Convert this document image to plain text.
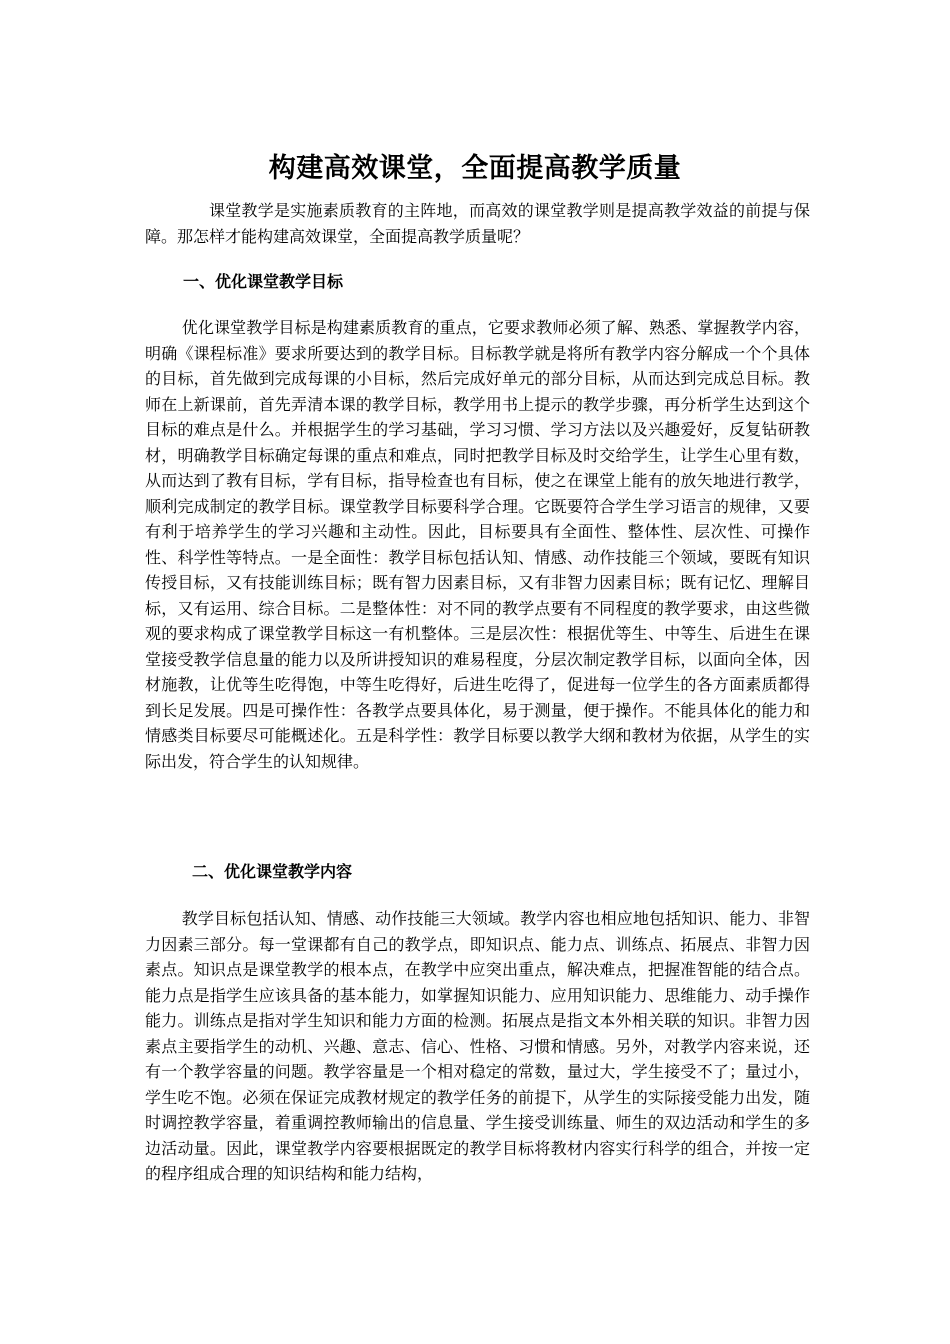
构建高效课堂，全面提高教学质量

课堂教学是实施素质教育的主阵地，而高效的课堂教学则是提高教学效益的前提与保障。那怎样才能构建高效课堂，全面提高教学质量呢？

一、优化课堂教学目标

优化课堂教学目标是构建素质教育的重点，它要求教师必须了解、熟悉、掌握教学内容，明确《课程标准》要求所要达到的教学目标。目标教学就是将所有教学内容分解成一个个具体的目标，首先做到完成每课的小目标，然后完成好单元的部分目标，从而达到完成总目标。教师在上新课前，首先弄清本课的教学目标，教学用书上提示的教学步骤，再分析学生达到这个目标的难点是什么。并根据学生的学习基础，学习习惯、学习方法以及兴趣爱好，反复钻研教材，明确教学目标确定每课的重点和难点，同时把教学目标及时交给学生，让学生心里有数，从而达到了教有目标，学有目标，指导检查也有目标，使之在课堂上能有的放矢地进行教学，顺利完成制定的教学目标。课堂教学目标要科学合理。它既要符合学生学习语言的规律，又要有利于培养学生的学习兴趣和主动性。因此，目标要具有全面性、整体性、层次性、可操作性、科学性等特点。一是全面性：教学目标包括认知、情感、动作技能三个领域，要既有知识传授目标，又有技能训练目标；既有智力因素目标，又有非智力因素目标；既有记忆、理解目标，又有运用、综合目标。二是整体性：对不同的教学点要有不同程度的教学要求，由这些微观的要求构成了课堂教学目标这一有机整体。三是层次性：根据优等生、中等生、后进生在课堂接受教学信息量的能力以及所讲授知识的难易程度，分层次制定教学目标，以面向全体，因材施教，让优等生吃得饱，中等生吃得好，后进生吃得了，促进每一位学生的各方面素质都得到长足发展。四是可操作性：各教学点要具体化，易于测量，便于操作。不能具体化的能力和情感类目标要尽可能概述化。五是科学性：教学目标要以教学大纲和教材为依据，从学生的实际出发，符合学生的认知规律。

二、优化课堂教学内容

教学目标包括认知、情感、动作技能三大领域。教学内容也相应地包括知识、能力、非智力因素三部分。每一堂课都有自己的教学点，即知识点、能力点、训练点、拓展点、非智力因素点。知识点是课堂教学的根本点，在教学中应突出重点，解决难点，把握准智能的结合点。能力点是指学生应该具备的基本能力，如掌握知识能力、应用知识能力、思维能力、动手操作能力。训练点是指对学生知识和能力方面的检测。拓展点是指文本外相关联的知识。非智力因素点主要指学生的动机、兴趣、意志、信心、性格、习惯和情感。另外，对教学内容来说，还有一个教学容量的问题。教学容量是一个相对稳定的常数，量过大，学生接受不了；量过小，学生吃不饱。必须在保证完成教材规定的教学任务的前提下，从学生的实际接受能力出发，随时调控教学容量，着重调控教师输出的信息量、学生接受训练量、师生的双边活动和学生的多边活动量。因此，课堂教学内容要根据既定的教学目标将教材内容实行科学的组合，并按一定的程序组成合理的知识结构和能力结构，
